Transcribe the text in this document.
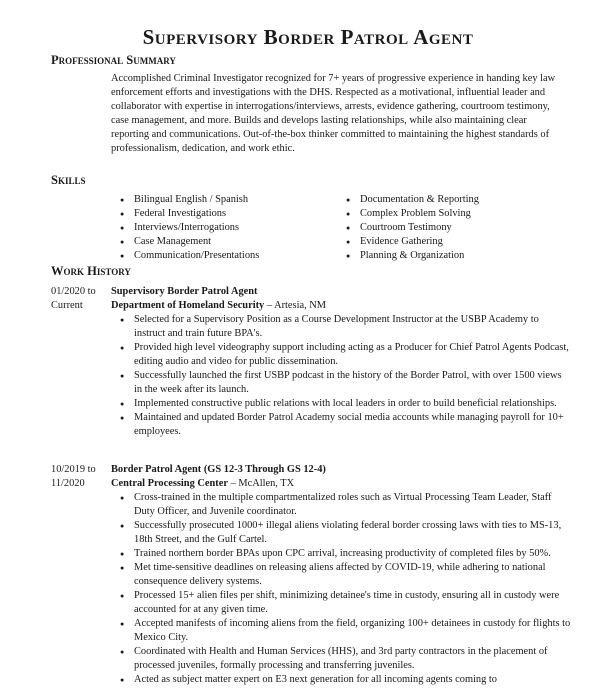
Supervisory Border Patrol Agent
Professional Summary
Accomplished Criminal Investigator recognized for 7+ years of progressive experience in handing key law enforcement efforts and investigations with the DHS. Respected as a motivational, influential leader and collaborator with expertise in interrogations/interviews, arrests, evidence gathering, courtroom testimony, case management, and more. Builds and develops lasting relationships, while also maintaining clear reporting and communications. Out-of-the-box thinker committed to maintaining the highest standards of professionalism, dedication, and work ethic.
Skills
● Bilingual English / Spanish
● Federal Investigations
● Interviews/Interrogations
● Case Management
● Communication/Presentations
● Documentation & Reporting
● Complex Problem Solving
● Courtroom Testimony
● Evidence Gathering
● Planning & Organization
Work History
01/2020 to
Current
Supervisory Border Patrol Agent
Department of Homeland Security – Artesia, NM
● Selected for a Supervisory Position as a Course Development Instructor at the USBP Academy to instruct and train future BPA's.
● Provided high level videography support including acting as a Producer for Chief Patrol Agents Podcast, editing audio and video for public dissemination.
● Successfully launched the first USBP podcast in the history of the Border Patrol, with over 1500 views in the week after its launch.
● Implemented constructive public relations with local leaders in order to build beneficial relationships.
● Maintained and updated Border Patrol Academy social media accounts while managing payroll for 10+ employees.
10/2019 to
11/2020
Border Patrol Agent (GS 12-3 Through GS 12-4)
Central Processing Center – McAllen, TX
● Cross-trained in the multiple compartmentalized roles such as Virtual Processing Team Leader, Staff Duty Officer, and Juvenile coordinator.
● Successfully prosecuted 1000+ illegal aliens violating federal border crossing laws with ties to MS-13, 18th Street, and the Gulf Cartel.
● Trained northern border BPAs upon CPC arrival, increasing productivity of completed files by 50%.
● Met time-sensitive deadlines on releasing aliens affected by COVID-19, while adhering to national consequence delivery systems.
● Processed 15+ alien files per shift, minimizing detainee's time in custody, ensuring all in custody were accounted for at any given time.
● Accepted manifests of incoming aliens from the field, organizing 100+ detainees in custody for flights to Mexico City.
● Coordinated with Health and Human Services (HHS), and 3rd party contractors in the placement of processed juveniles, formally processing and transferring juveniles.
● Acted as subject matter expert on E3 next generation for all incoming agents coming to
